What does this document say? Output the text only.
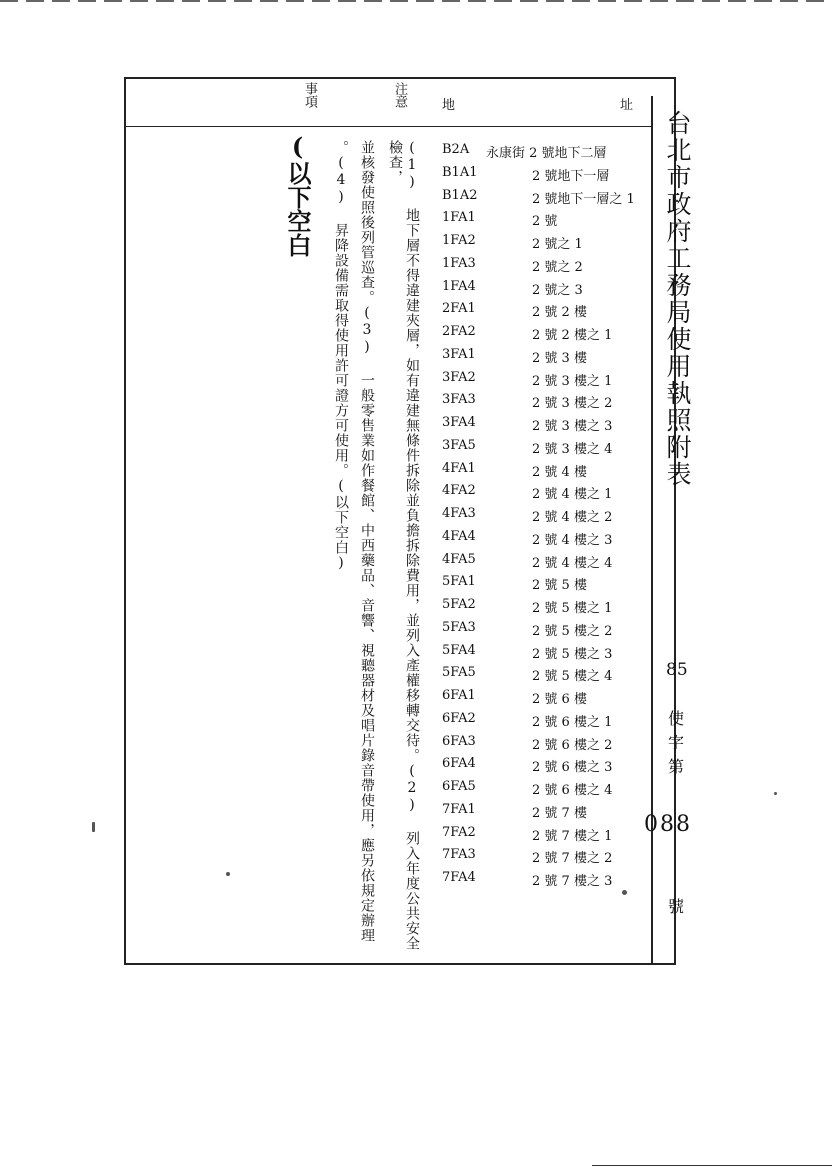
事項	注意	地	址
台北市政府工務局使用執照附表
85
使
字
第
088
號
(以下空白	(1) 地下層不得違建夾層，如有違建無條件拆除並負擔拆除費用，並列入產權移轉交待。(2) 列入年度公共安全檢查，
並核發使照後列管巡查。(3) 一般零售業如作餐館、中西藥品、音響、視聽器材及唱片錄音帶使用，應另依規定辦理
。(4) 昇降設備需取得使用許可證方可使用。(以下空白)	B2A	永康街 2 號地下二層
B1A1	2 號地下一層
B1A2	2 號地下一層之 1
1FA1	2 號
1FA2	2 號之 1
1FA3	2 號之 2
1FA4	2 號之 3
2FA1	2 號 2 樓
2FA2	2 號 2 樓之 1
3FA1	2 號 3 樓
3FA2	2 號 3 樓之 1
3FA3	2 號 3 樓之 2
3FA4	2 號 3 樓之 3
3FA5	2 號 3 樓之 4
4FA1	2 號 4 樓
4FA2	2 號 4 樓之 1
4FA3	2 號 4 樓之 2
4FA4	2 號 4 樓之 3
4FA5	2 號 4 樓之 4
5FA1	2 號 5 樓
5FA2	2 號 5 樓之 1
5FA3	2 號 5 樓之 2
5FA4	2 號 5 樓之 3
5FA5	2 號 5 樓之 4
6FA1	2 號 6 樓
6FA2	2 號 6 樓之 1
6FA3	2 號 6 樓之 2
6FA4	2 號 6 樓之 3
6FA5	2 號 6 樓之 4
7FA1	2 號 7 樓
7FA2	2 號 7 樓之 1
7FA3	2 號 7 樓之 2
7FA4	2 號 7 樓之 3
